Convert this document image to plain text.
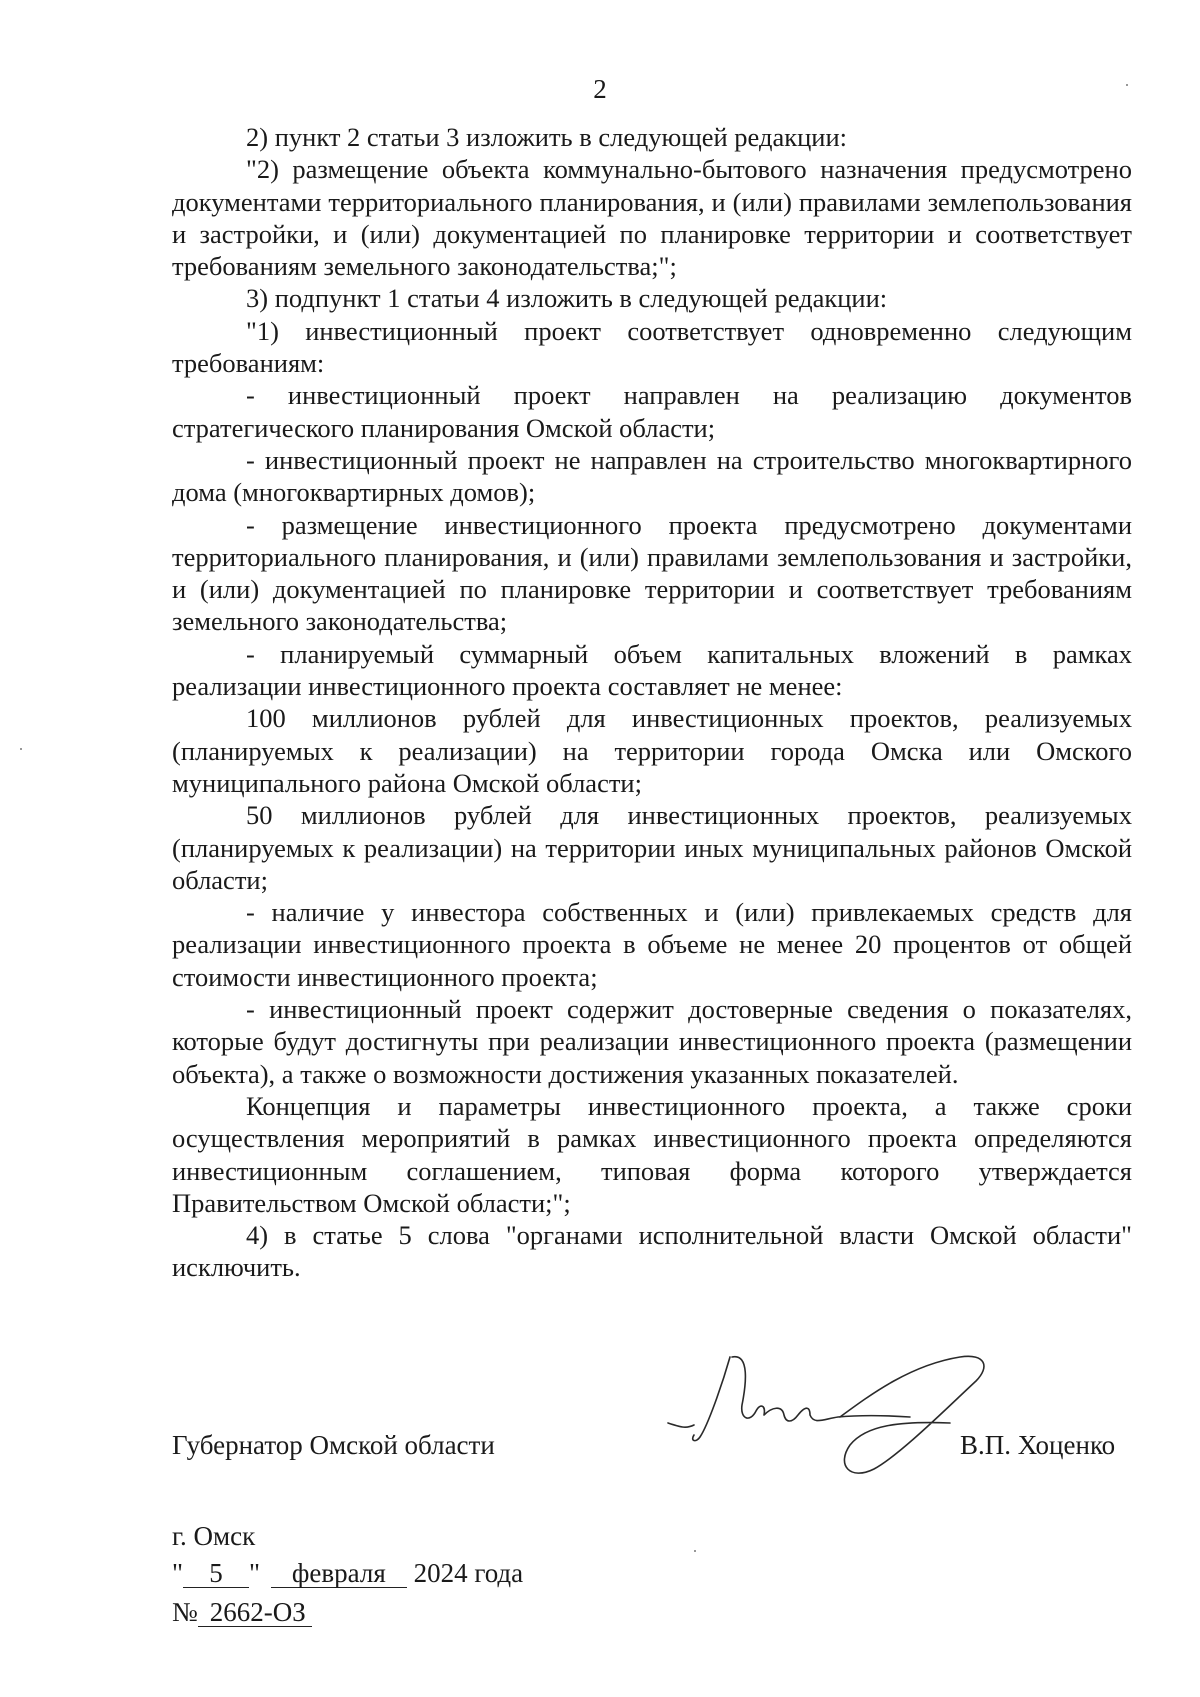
2

2) пункт 2 статьи 3 изложить в следующей редакции:

"2) размещение объекта коммунально-бытового назначения предусмотрено документами территориального планирования, и (или) правилами землепользования и застройки, и (или) документацией по планировке территории и соответствует требованиям земельного законодательства;";

3) подпункт 1 статьи 4 изложить в следующей редакции:

"1) инвестиционный проект соответствует одновременно следующим требованиям:

- инвестиционный проект направлен на реализацию документов стратегического планирования Омской области;

- инвестиционный проект не направлен на строительство многоквартирного дома (многоквартирных домов);

- размещение инвестиционного проекта предусмотрено документами территориального планирования, и (или) правилами землепользования и застройки, и (или) документацией по планировке территории и соответствует требованиям земельного законодательства;

- планируемый суммарный объем капитальных вложений в рамках реализации инвестиционного проекта составляет не менее:

100 миллионов рублей для инвестиционных проектов, реализуемых (планируемых к реализации) на территории города Омска или Омского муниципального района Омской области;

50 миллионов рублей для инвестиционных проектов, реализуемых (планируемых к реализации) на территории иных муниципальных районов Омской области;

- наличие у инвестора собственных и (или) привлекаемых средств для реализации инвестиционного проекта в объеме не менее 20 процентов от общей стоимости инвестиционного проекта;

- инвестиционный проект содержит достоверные сведения о показателях, которые будут достигнуты при реализации инвестиционного проекта (размещении объекта), а также о возможности достижения указанных показателей.

Концепция и параметры инвестиционного проекта, а также сроки осуществления мероприятий в рамках инвестиционного проекта определяются инвестиционным соглашением, типовая форма которого утверждается Правительством Омской области;";

4) в статье 5 слова "органами исполнительной власти Омской области" исключить.

Губернатор Омской области	В.П. Хоценко
г. Омск
" 5 " февраля 2024 года
№ 2662-ОЗ
